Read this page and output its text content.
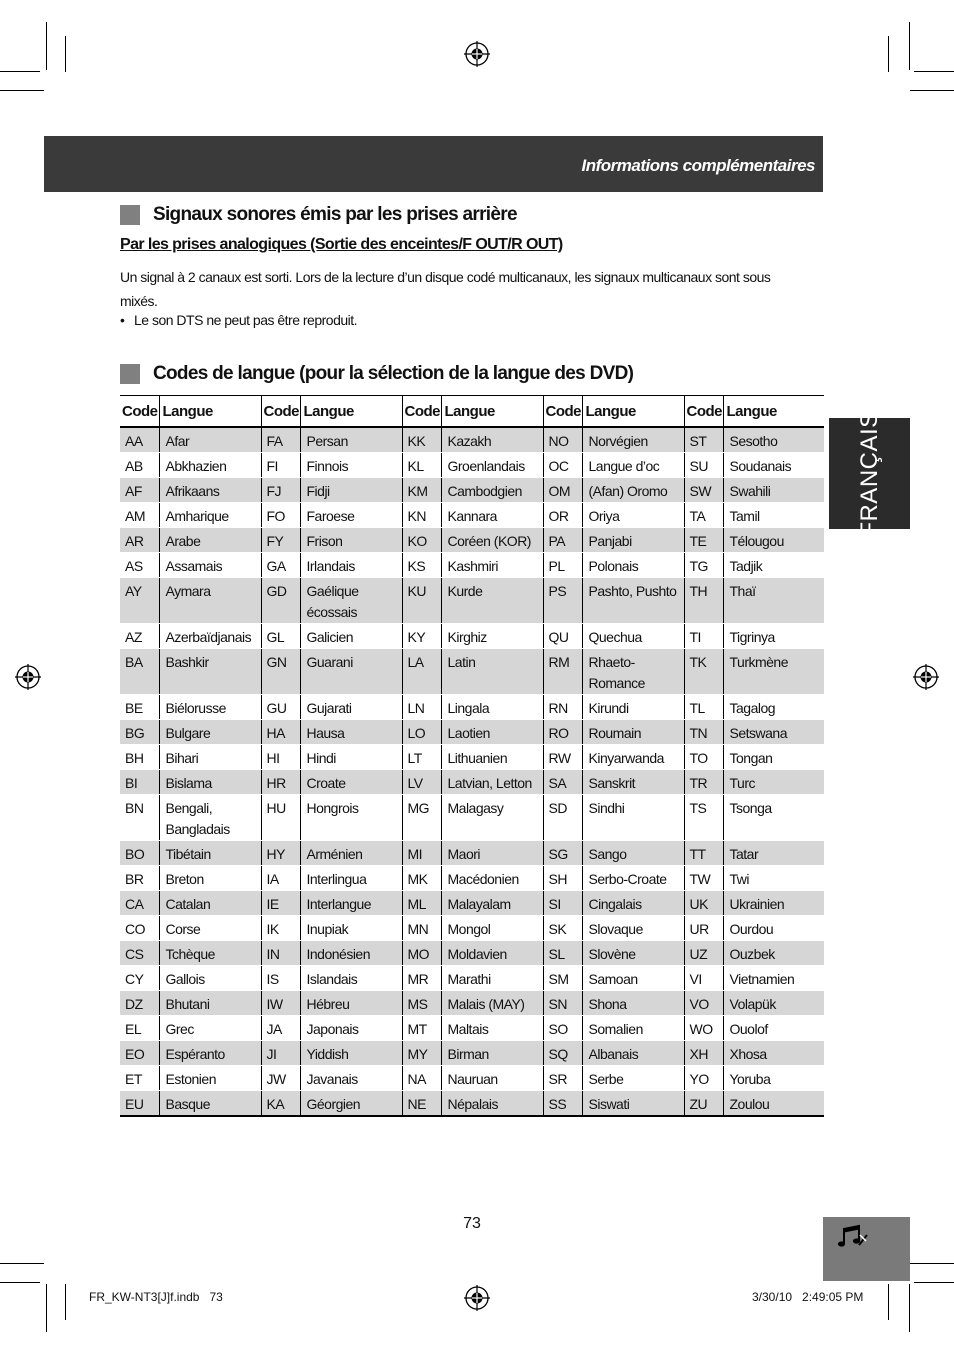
Informations complémentaires
Signaux sonores émis par les prises arrière
Par les prises analogiques (Sortie des enceintes/F OUT/R OUT)
Un signal à 2 canaux est sorti. Lors de la lecture d’un disque codé multicanaux, les signaux multicanaux sont sous mixés.
• Le son DTS ne peut pas être reproduit.
Codes de langue (pour la sélection de la langue des DVD)
Code	Langue	Code	Langue	Code	Langue	Code	Langue	Code	Langue
AA	Afar	FA	Persan	KK	Kazakh	NO	Norvégien	ST	Sesotho
AB	Abkhazien	FI	Finnois	KL	Groenlandais	OC	Langue d’oc	SU	Soudanais
AF	Afrikaans	FJ	Fidji	KM	Cambodgien	OM	(Afan) Oromo	SW	Swahili
AM	Amharique	FO	Faroese	KN	Kannara	OR	Oriya	TA	Tamil
AR	Arabe	FY	Frison	KO	Coréen (KOR)	PA	Panjabi	TE	Télougou
AS	Assamais	GA	Irlandais	KS	Kashmiri	PL	Polonais	TG	Tadjik
AY	Aymara	GD	Gaélique écossais	KU	Kurde	PS	Pashto, Pushto	TH	Thaï
AZ	Azerbaïdjanais	GL	Galicien	KY	Kirghiz	QU	Quechua	TI	Tigrinya
BA	Bashkir	GN	Guarani	LA	Latin	RM	Rhaeto-Romance	TK	Turkmène
BE	Biélorusse	GU	Gujarati	LN	Lingala	RN	Kirundi	TL	Tagalog
BG	Bulgare	HA	Hausa	LO	Laotien	RO	Roumain	TN	Setswana
BH	Bihari	HI	Hindi	LT	Lithuanien	RW	Kinyarwanda	TO	Tongan
BI	Bislama	HR	Croate	LV	Latvian, Letton	SA	Sanskrit	TR	Turc
BN	Bengali, Bangladais	HU	Hongrois	MG	Malagasy	SD	Sindhi	TS	Tsonga
BO	Tibétain	HY	Arménien	MI	Maori	SG	Sango	TT	Tatar
BR	Breton	IA	Interlingua	MK	Macédonien	SH	Serbo-Croate	TW	Twi
CA	Catalan	IE	Interlangue	ML	Malayalam	SI	Cingalais	UK	Ukrainien
CO	Corse	IK	Inupiak	MN	Mongol	SK	Slovaque	UR	Ourdou
CS	Tchèque	IN	Indonésien	MO	Moldavien	SL	Slovène	UZ	Ouzbek
CY	Gallois	IS	Islandais	MR	Marathi	SM	Samoan	VI	Vietnamien
DZ	Bhutani	IW	Hébreu	MS	Malais (MAY)	SN	Shona	VO	Volapük
EL	Grec	JA	Japonais	MT	Maltais	SO	Somalien	WO	Ouolof
EO	Espéranto	JI	Yiddish	MY	Birman	SQ	Albanais	XH	Xhosa
ET	Estonien	JW	Javanais	NA	Nauruan	SR	Serbe	YO	Yoruba
EU	Basque	KA	Géorgien	NE	Népalais	SS	Siswati	ZU	Zoulou
FRANÇAIS
73
FR_KW-NT3[J]f.indb   73	3/30/10   2:49:05 PM
